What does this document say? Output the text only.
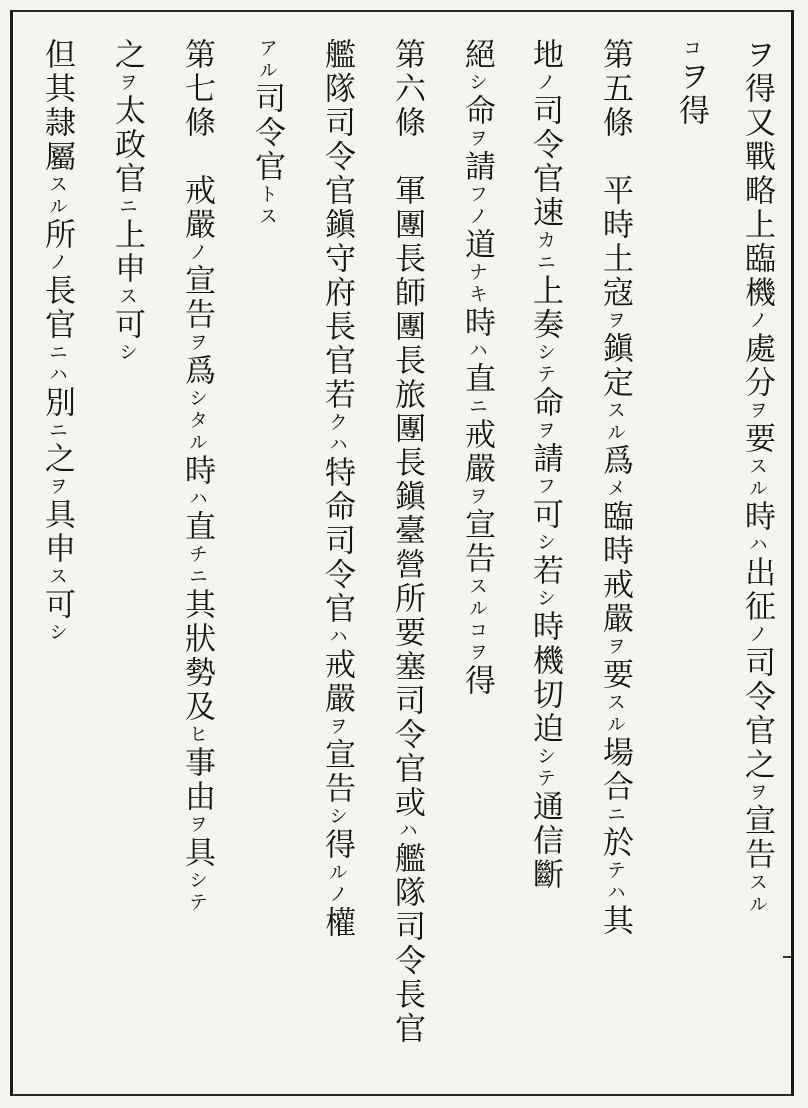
ヲ得又戰略上臨機ノ處分ヲ要スル時ハ出征ノ司令官之ヲ宣告スル
コヲ得
第五條平時土寇ヲ鎭定スル爲メ臨時戒嚴ヲ要スル場合ニ於テハ其
地ノ司令官速カニ上奏シテ命ヲ請フ可シ若シ時機切迫シテ通信斷
絕シ命ヲ請フノ道ナキ時ハ直ニ戒嚴ヲ宣告スルコヲ得
第六條軍團長師團長旅團長鎭臺營所要塞司令官或ハ艦隊司令長官
艦隊司令官鎭守府長官若クハ特命司令官ハ戒嚴ヲ宣告シ得ルノ權
アル司令官トス
第七條戒嚴ノ宣告ヲ爲シタル時ハ直チニ其狀勢及ヒ事由ヲ具シテ
之ヲ太政官ニ上申ス可シ
但其隷屬スル所ノ長官ニハ別ニ之ヲ具申ス可シ
